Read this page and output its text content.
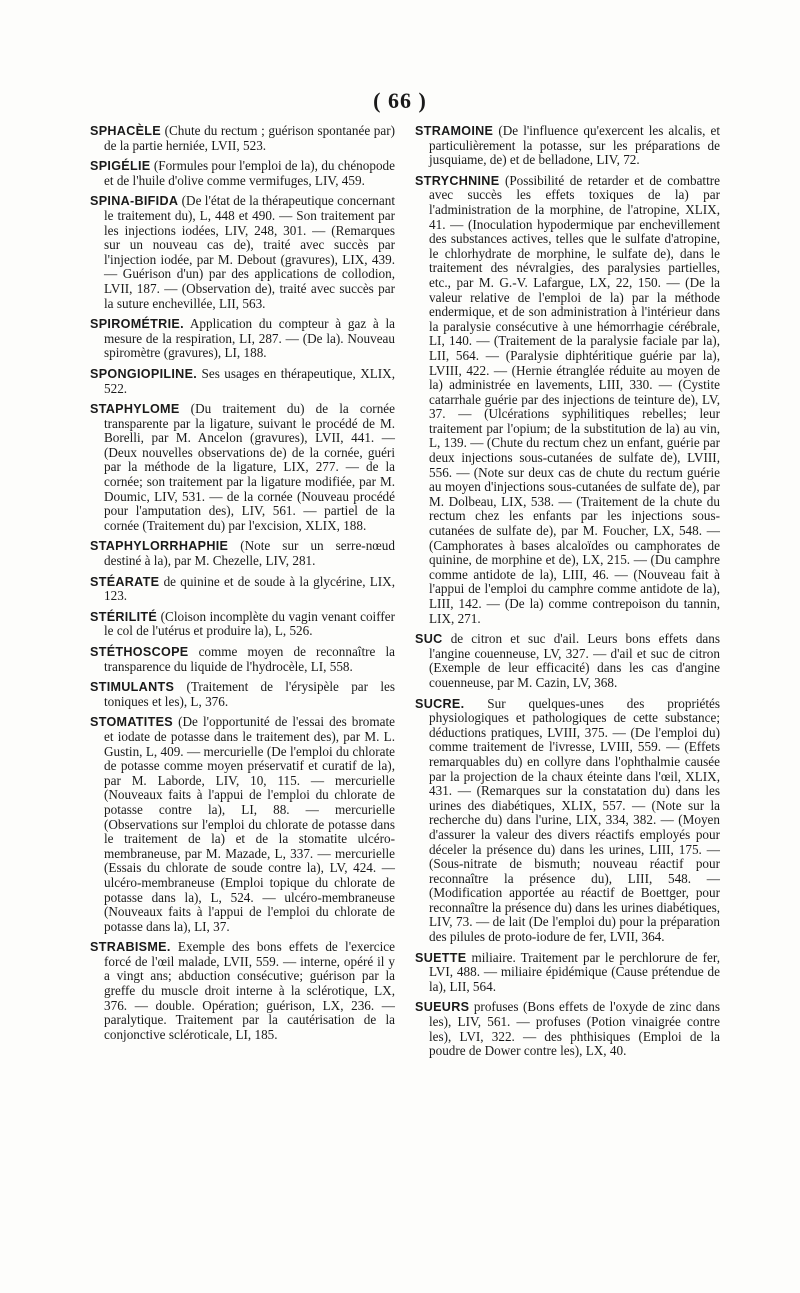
( 66 )

SPHACÈLE (Chute du rectum ; guérison spontanée par) de la partie herniée, LVII, 523.

SPIGÉLIE (Formules pour l'emploi de la), du chénopode et de l'huile d'olive comme vermifuges, LIV, 459.

SPINA-BIFIDA (De l'état de la thérapeutique concernant le traitement du), L, 448 et 490. — Son traitement par les injections iodées, LIV, 248, 301. — (Remarques sur un nouveau cas de), traité avec succès par l'injection iodée, par M. Debout (gravures), LIX, 439. — Guérison d'un) par des applications de collodion, LVII, 187. — (Observation de), traité avec succès par la suture enchevillée, LII, 563.

SPIROMÉTRIE. Application du compteur à gaz à la mesure de la respiration, LI, 287. — (De la). Nouveau spiromètre (gravures), LI, 188.

SPONGIOPILINE. Ses usages en thérapeutique, XLIX, 522.

STAPHYLOME (Du traitement du) de la cornée transparente par la ligature, suivant le procédé de M. Borelli, par M. Ancelon (gravures), LVII, 441. — (Deux nouvelles observations de) de la cornée, guéri par la méthode de la ligature, LIX, 277. — de la cornée; son traitement par la ligature modifiée, par M. Doumic, LIV, 531. — de la cornée (Nouveau procédé pour l'amputation des), LIV, 561. — partiel de la cornée (Traitement du) par l'excision, XLIX, 188.

STAPHYLORRHAPHIE (Note sur un serre-nœud destiné à la), par M. Chezelle, LIV, 281.

STÉARATE de quinine et de soude à la glycérine, LIX, 123.

STÉRILITÉ (Cloison incomplète du vagin venant coiffer le col de l'utérus et produire la), L, 526.

STÉTHOSCOPE comme moyen de reconnaître la transparence du liquide de l'hydrocèle, LI, 558.

STIMULANTS (Traitement de l'érysipèle par les toniques et les), L, 376.

STOMATITES (De l'opportunité de l'essai des bromate et iodate de potasse dans le traitement des), par M. L. Gustin, L, 409. — mercurielle (De l'emploi du chlorate de potasse comme moyen préservatif et curatif de la), par M. Laborde, LIV, 10, 115. — mercurielle (Nouveaux faits à l'appui de l'emploi du chlorate de potasse contre la), LI, 88. — mercurielle (Observations sur l'emploi du chlorate de potasse dans le traitement de la) et de la stomatite ulcéro-membraneuse, par M. Mazade, L, 337. — mercurielle (Essais du chlorate de soude contre la), LV, 424. — ulcéro-membraneuse (Emploi topique du chlorate de potasse dans la), L, 524. — ulcéro-membraneuse (Nouveaux faits à l'appui de l'emploi du chlorate de potasse dans la), LI, 37.

STRABISME. Exemple des bons effets de l'exercice forcé de l'œil malade, LVII, 559. — interne, opéré il y a vingt ans; abduction consécutive; guérison par la greffe du muscle droit interne à la sclérotique, LX, 376. — double. Opération; guérison, LX, 236. — paralytique. Traitement par la cautérisation de la conjonctive scléroticale, LI, 185.

STRAMOINE (De l'influence qu'exercent les alcalis, et particulièrement la potasse, sur les préparations de jusquiame, de) et de belladone, LIV, 72.

STRYCHNINE (Possibilité de retarder et de combattre avec succès les effets toxiques de la) par l'administration de la morphine, de l'atropine, XLIX, 41. — (Inoculation hypodermique par enchevillement des substances actives, telles que le sulfate d'atropine, le chlorhydrate de morphine, le sulfate de), dans le traitement des névralgies, des paralysies partielles, etc., par M. G.-V. Lafargue, LX, 22, 150. — (De la valeur relative de l'emploi de la) par la méthode endermique, et de son administration à l'intérieur dans la paralysie consécutive à une hémorrhagie cérébrale, LI, 140. — (Traitement de la paralysie faciale par la), LII, 564. — (Paralysie diphtéritique guérie par la), LVIII, 422. — (Hernie étranglée réduite au moyen de la) administrée en lavements, LIII, 330. — (Cystite catarrhale guérie par des injections de teinture de), LV, 37. — (Ulcérations syphilitiques rebelles; leur traitement par l'opium; de la substitution de la) au vin, L, 139. — (Chute du rectum chez un enfant, guérie par deux injections sous-cutanées de sulfate de), LVIII, 556. — (Note sur deux cas de chute du rectum guérie au moyen d'injections sous-cutanées de sulfate de), par M. Dolbeau, LIX, 538. — (Traitement de la chute du rectum chez les enfants par les injections sous-cutanées de sulfate de), par M. Foucher, LX, 548. — (Camphorates à bases alcaloïdes ou camphorates de quinine, de morphine et de), LX, 215. — (Du camphre comme antidote de la), LIII, 46. — (Nouveau fait à l'appui de l'emploi du camphre comme antidote de la), LIII, 142. — (De la) comme contrepoison du tannin, LIX, 271.

SUC de citron et suc d'ail. Leurs bons effets dans l'angine couenneuse, LV, 327. — d'ail et suc de citron (Exemple de leur efficacité) dans les cas d'angine couenneuse, par M. Cazin, LV, 368.

SUCRE. Sur quelques-unes des propriétés physiologiques et pathologiques de cette substance; déductions pratiques, LVIII, 375. — (De l'emploi du) comme traitement de l'ivresse, LVIII, 559. — (Effets remarquables du) en collyre dans l'ophthalmie causée par la projection de la chaux éteinte dans l'œil, XLIX, 431. — (Remarques sur la constatation du) dans les urines des diabétiques, XLIX, 557. — (Note sur la recherche du) dans l'urine, LIX, 334, 382. — (Moyen d'assurer la valeur des divers réactifs employés pour déceler la présence du) dans les urines, LIII, 175. — (Sous-nitrate de bismuth; nouveau réactif pour reconnaître la présence du), LIII, 548. — (Modification apportée au réactif de Boettger, pour reconnaître la présence du) dans les urines diabétiques, LIV, 73. — de lait (De l'emploi du) pour la préparation des pilules de proto-iodure de fer, LVII, 364.

SUETTE miliaire. Traitement par le perchlorure de fer, LVI, 488. — miliaire épidémique (Cause prétendue de la), LII, 564.

SUEURS profuses (Bons effets de l'oxyde de zinc dans les), LIV, 561. — profuses (Potion vinaigrée contre les), LVI, 322. — des phthisiques (Emploi de la poudre de Dower contre les), LX, 40.
